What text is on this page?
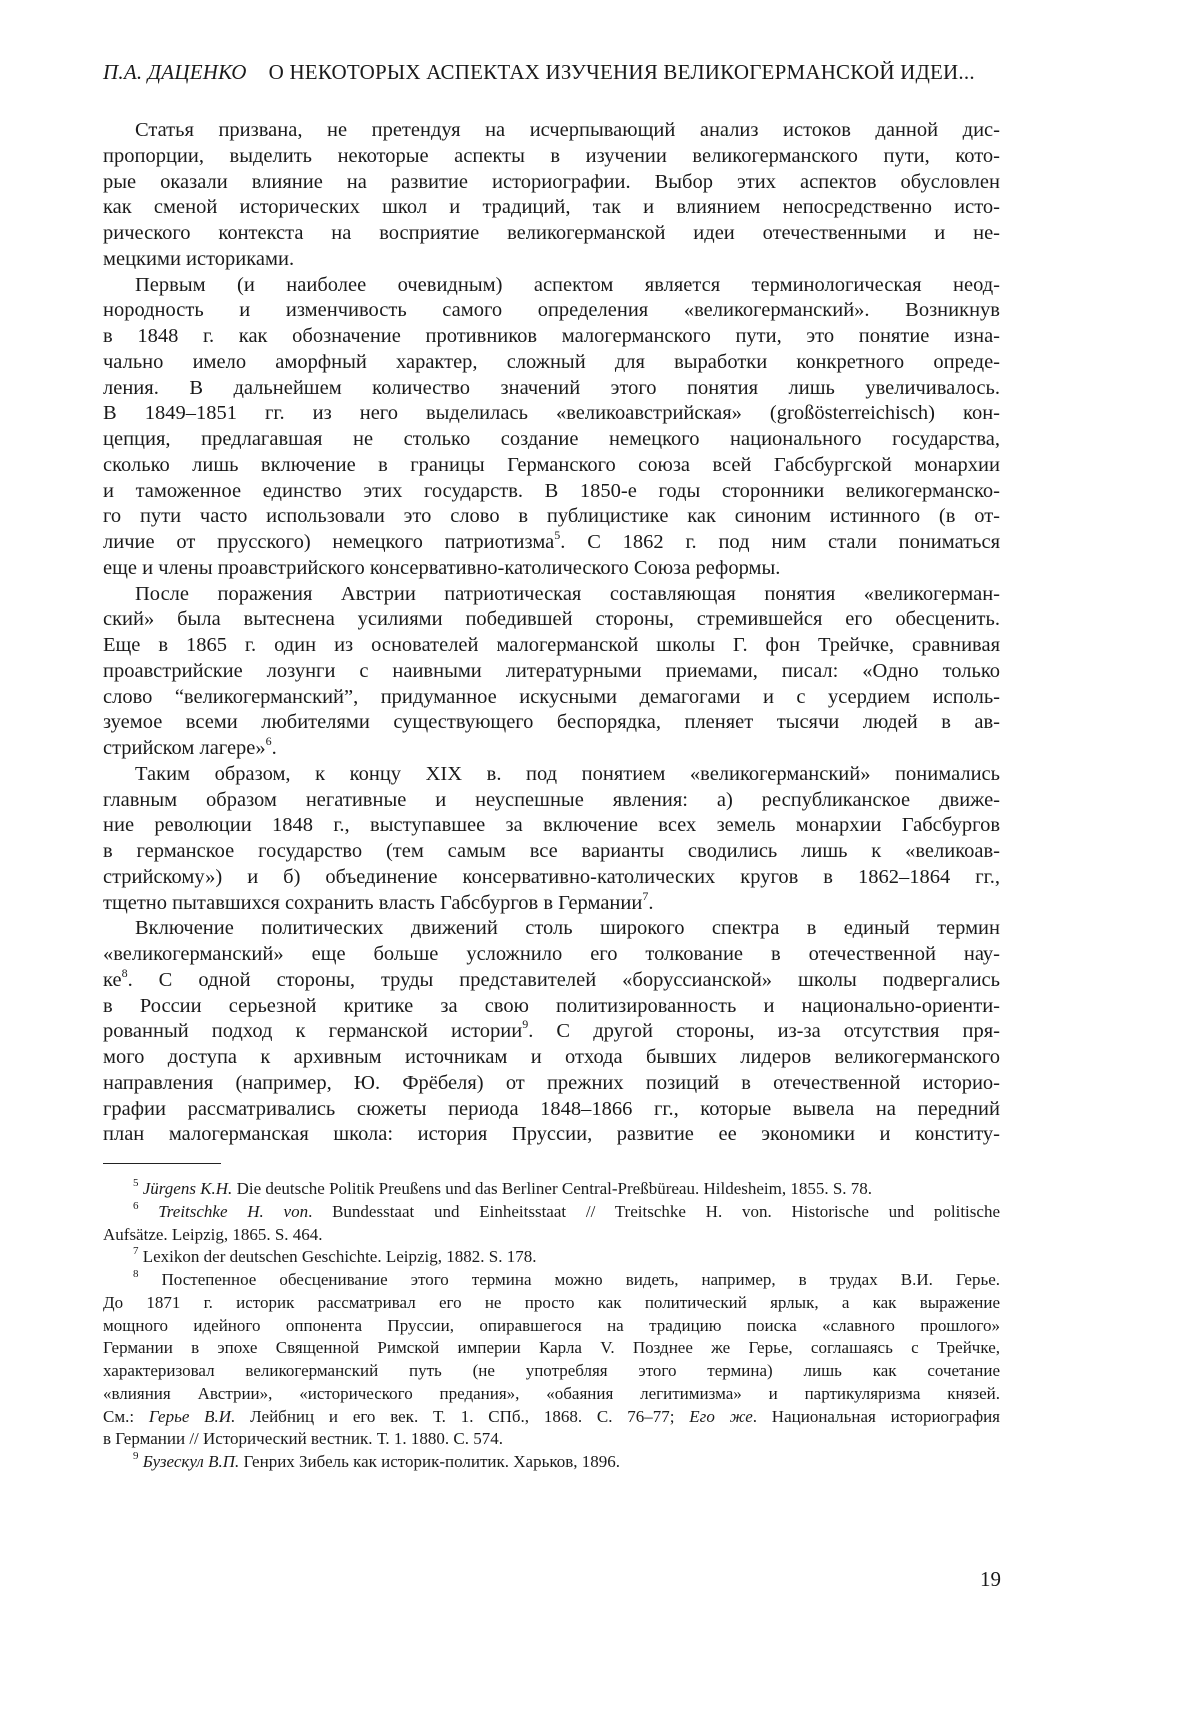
П.А. ДАЦЕНКО О НЕКОТОРЫХ АСПЕКТАХ ИЗУЧЕНИЯ ВЕЛИКОГЕРМАНСКОЙ ИДЕИ...
Статья призвана, не претендуя на исчерпывающий анализ истоков данной дис-
пропорции, выделить некоторые аспекты в изучении великогерманского пути, кото-
рые оказали влияние на развитие историографии. Выбор этих аспектов обусловлен
как сменой исторических школ и традиций, так и влиянием непосредственно исто-
рического контекста на восприятие великогерманской идеи отечественными и не-
мецкими историками.
Первым (и наиболее очевидным) аспектом является терминологическая неод-
нородность и изменчивость самого определения «великогерманский». Возникнув
в 1848 г. как обозначение противников малогерманского пути, это понятие изна-
чально имело аморфный характер, сложный для выработки конкретного опреде-
ления. В дальнейшем количество значений этого понятия лишь увеличивалось.
В 1849–1851 гг. из него выделилась «великоавстрийская» (großösterreichisch) кон-
цепция, предлагавшая не столько создание немецкого национального государства,
сколько лишь включение в границы Германского союза всей Габсбургской монархии
и таможенное единство этих государств. В 1850-е годы сторонники великогерманско-
го пути часто использовали это слово в публицистике как синоним истинного (в от-
личие от прусского) немецкого патриотизма5. С 1862 г. под ним стали пониматься
еще и члены проавстрийского консервативно-католического Союза реформы.
После поражения Австрии патриотическая составляющая понятия «великогерман-
ский» была вытеснена усилиями победившей стороны, стремившейся его обесценить.
Еще в 1865 г. один из основателей малогерманской школы Г. фон Трейчке, сравнивая
проавстрийские лозунги с наивными литературными приемами, писал: «Одно только
слово “великогерманский”, придуманное искусными демагогами и с усердием исполь-
зуемое всеми любителями существующего беспорядка, пленяет тысячи людей в ав-
стрийском лагере»6.
Таким образом, к концу XIX в. под понятием «великогерманский» понимались
главным образом негативные и неуспешные явления: а) республиканское движе-
ние революции 1848 г., выступавшее за включение всех земель монархии Габсбургов
в германское государство (тем самым все варианты сводились лишь к «великоав-
стрийскому») и б) объединение консервативно-католических кругов в 1862–1864 гг.,
тщетно пытавшихся сохранить власть Габсбургов в Германии7.
Включение политических движений столь широкого спектра в единый термин
«великогерманский» еще больше усложнило его толкование в отечественной нау-
ке8. С одной стороны, труды представителей «боруссианской» школы подвергались
в России серьезной критике за свою политизированность и национально-ориенти-
рованный подход к германской истории9. С другой стороны, из-за отсутствия пря-
мого доступа к архивным источникам и отхода бывших лидеров великогерманского
направления (например, Ю. Фрёбеля) от прежних позиций в отечественной историо-
графии рассматривались сюжеты периода 1848–1866 гг., которые вывела на передний
план малогерманская школа: история Пруссии, развитие ее экономики и конститу-
5 Jürgens K.H. Die deutsche Politik Preußens und das Berliner Central-Preßbüreau. Hildesheim, 1855. S. 78.
6 Treitschke H. von. Bundesstaat und Einheitsstaat // Treitschke H. von. Historische und politische
Aufsätze. Leipzig, 1865. S. 464.
7 Lexikon der deutschen Geschichte. Leipzig, 1882. S. 178.
8 Постепенное обесценивание этого термина можно видеть, например, в трудах В.И. Герье.
До 1871 г. историк рассматривал его не просто как политический ярлык, а как выражение
мощного идейного оппонента Пруссии, опиравшегося на традицию поиска «славного прошлого»
Германии в эпохе Священной Римской империи Карла V. Позднее же Герье, соглашаясь с Трейчке,
характеризовал великогерманский путь (не употребляя этого термина) лишь как сочетание
«влияния Австрии», «исторического предания», «обаяния легитимизма» и партикуляризма князей.
См.: Герье В.И. Лейбниц и его век. Т. 1. СПб., 1868. С. 76–77; Его же. Национальная историография
в Германии // Исторический вестник. Т. 1. 1880. С. 574.
9 Бузескул В.П. Генрих Зибель как историк-политик. Харьков, 1896.
19
